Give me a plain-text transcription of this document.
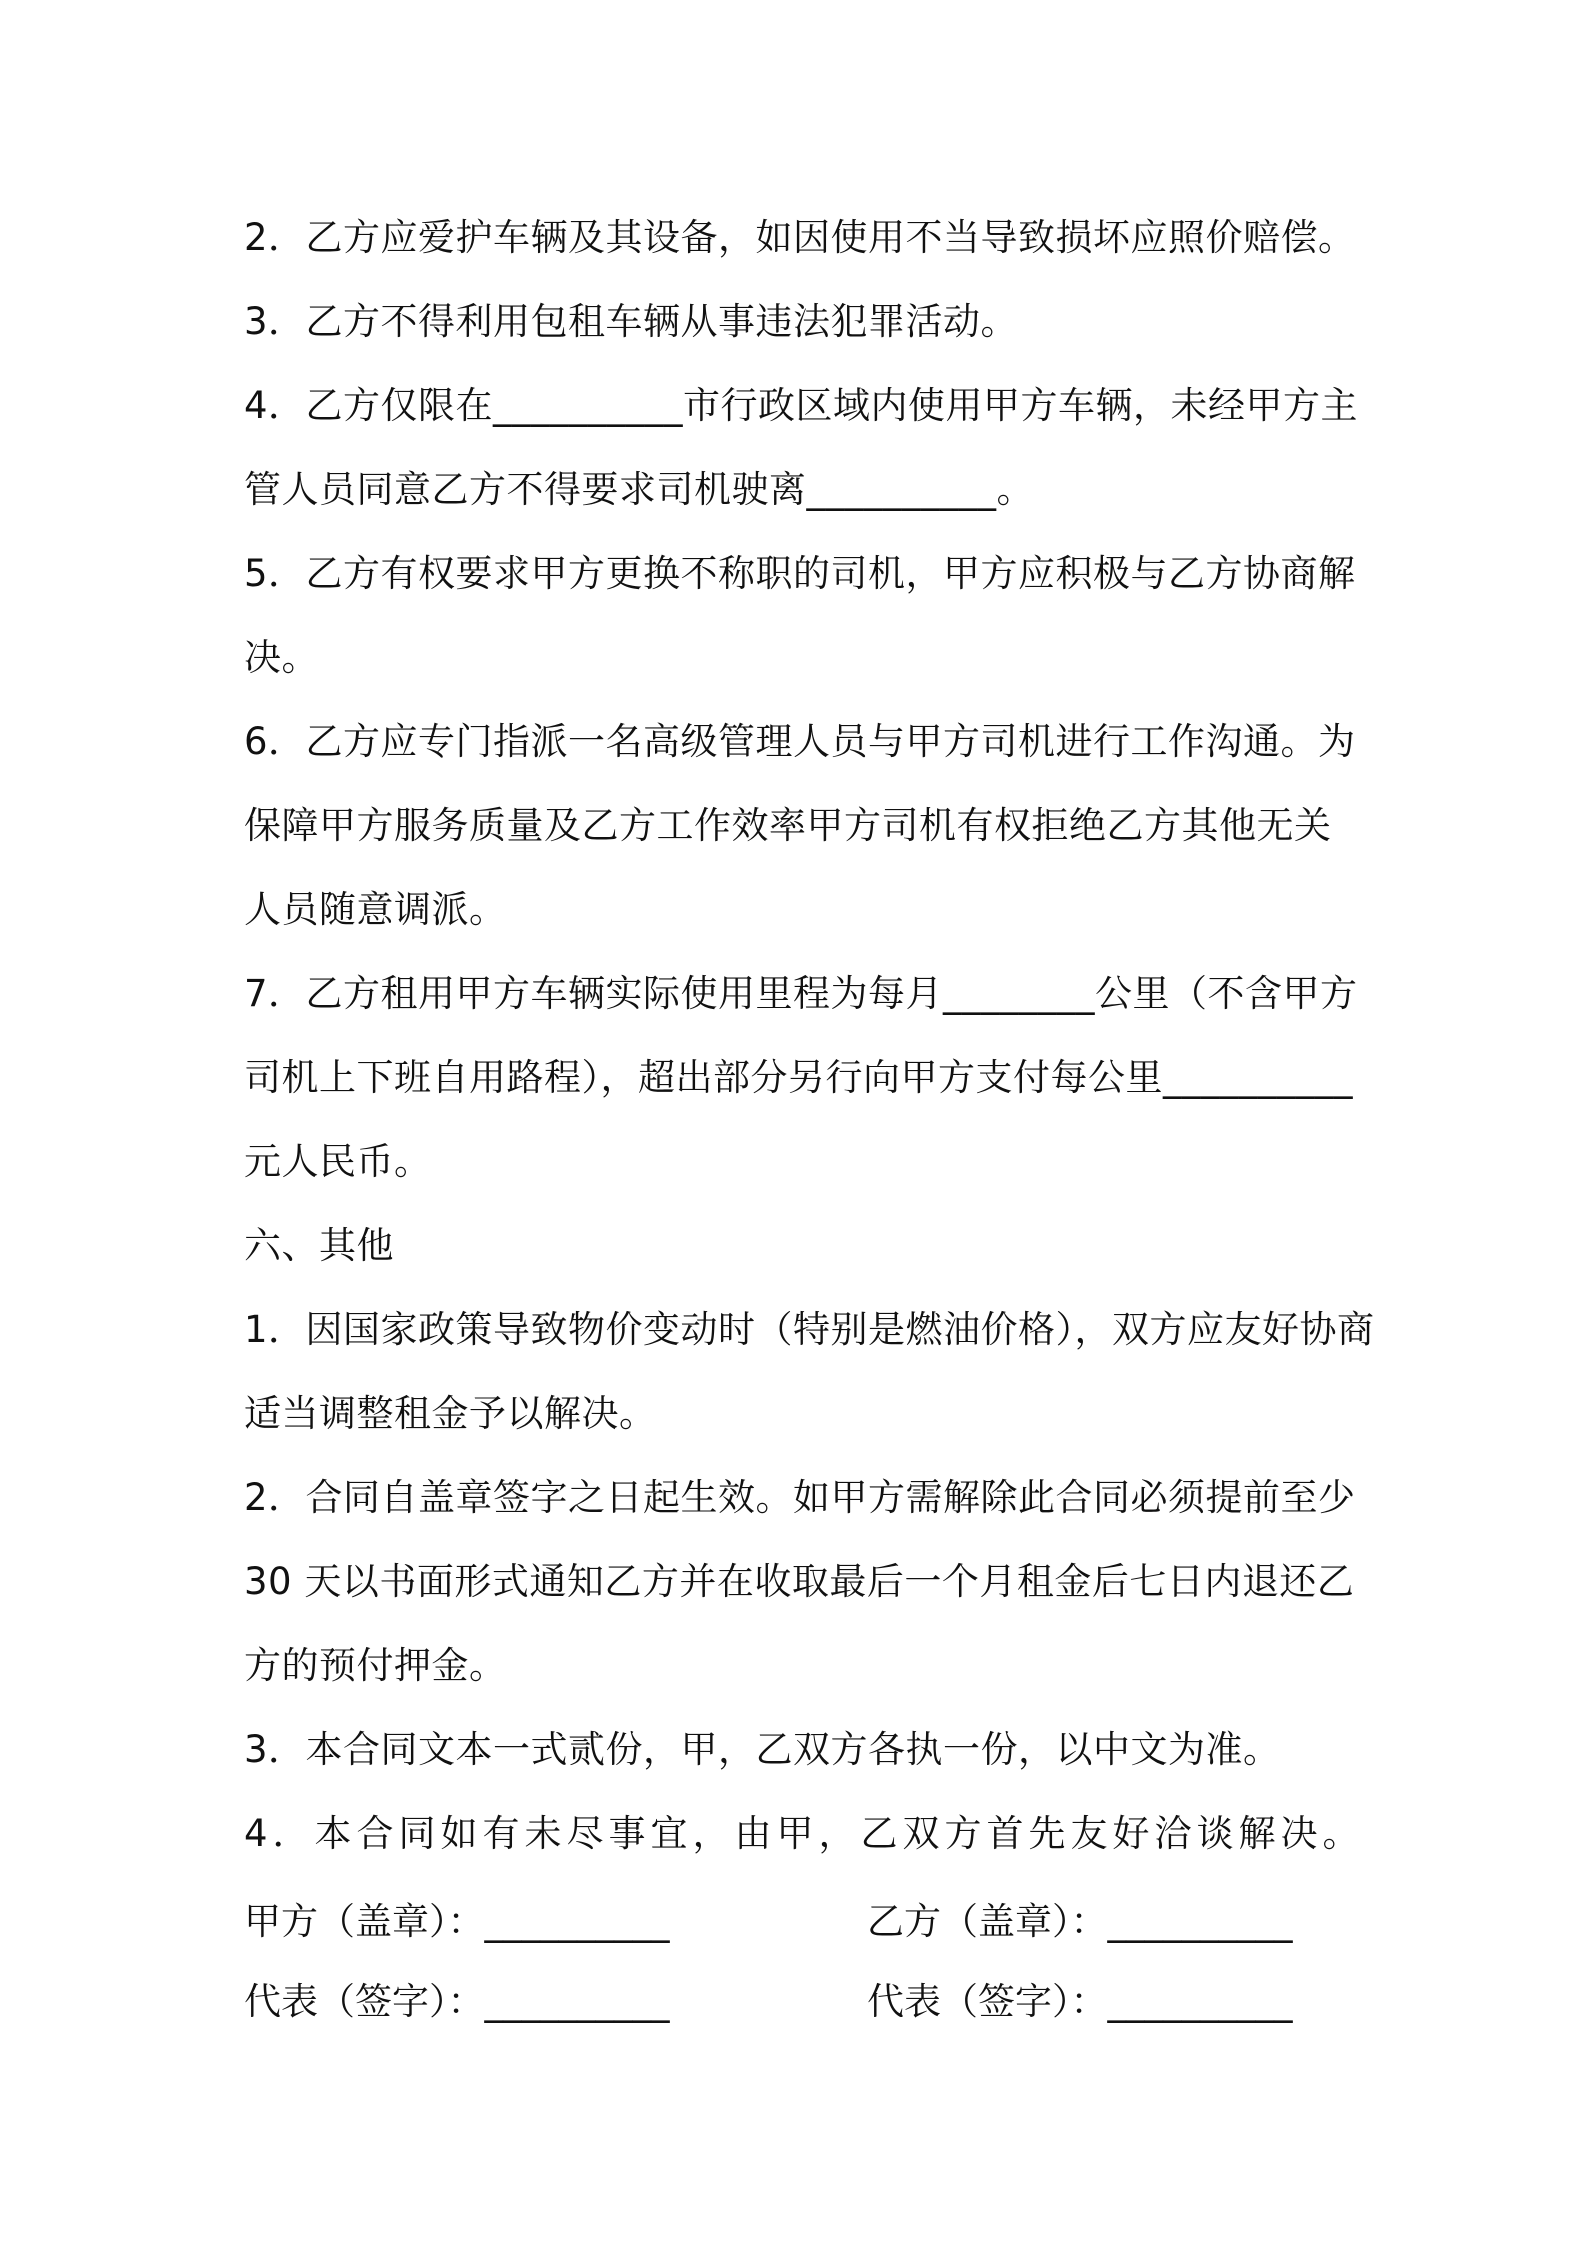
2．乙方应爱护车辆及其设备，如因使用不当导致损坏应照价赔偿。
3．乙方不得利用包租车辆从事违法犯罪活动。
4．乙方仅限在__________市行政区域内使用甲方车辆，未经甲方主
管人员同意乙方不得要求司机驶离__________。
5．乙方有权要求甲方更换不称职的司机，甲方应积极与乙方协商解
决。
6．乙方应专门指派一名高级管理人员与甲方司机进行工作沟通。为
保障甲方服务质量及乙方工作效率甲方司机有权拒绝乙方其他无关
人员随意调派。
7．乙方租用甲方车辆实际使用里程为每月________公里（不含甲方
司机上下班自用路程），超出部分另行向甲方支付每公里__________
元人民币。
六、其他
1．因国家政策导致物价变动时（特别是燃油价格），双方应友好协商
适当调整租金予以解决。
2．合同自盖章签字之日起生效。如甲方需解除此合同必须提前至少
30 天以书面形式通知乙方并在收取最后一个月租金后七日内退还乙
方的预付押金。
3．本合同文本一式贰份，甲，乙双方各执一份，以中文为准。
4．本合同如有未尽事宜，由甲，乙双方首先友好洽谈解决。
甲方（盖章）：__________	乙方（盖章）：__________
代表（签字）：__________	代表（签字）：__________
